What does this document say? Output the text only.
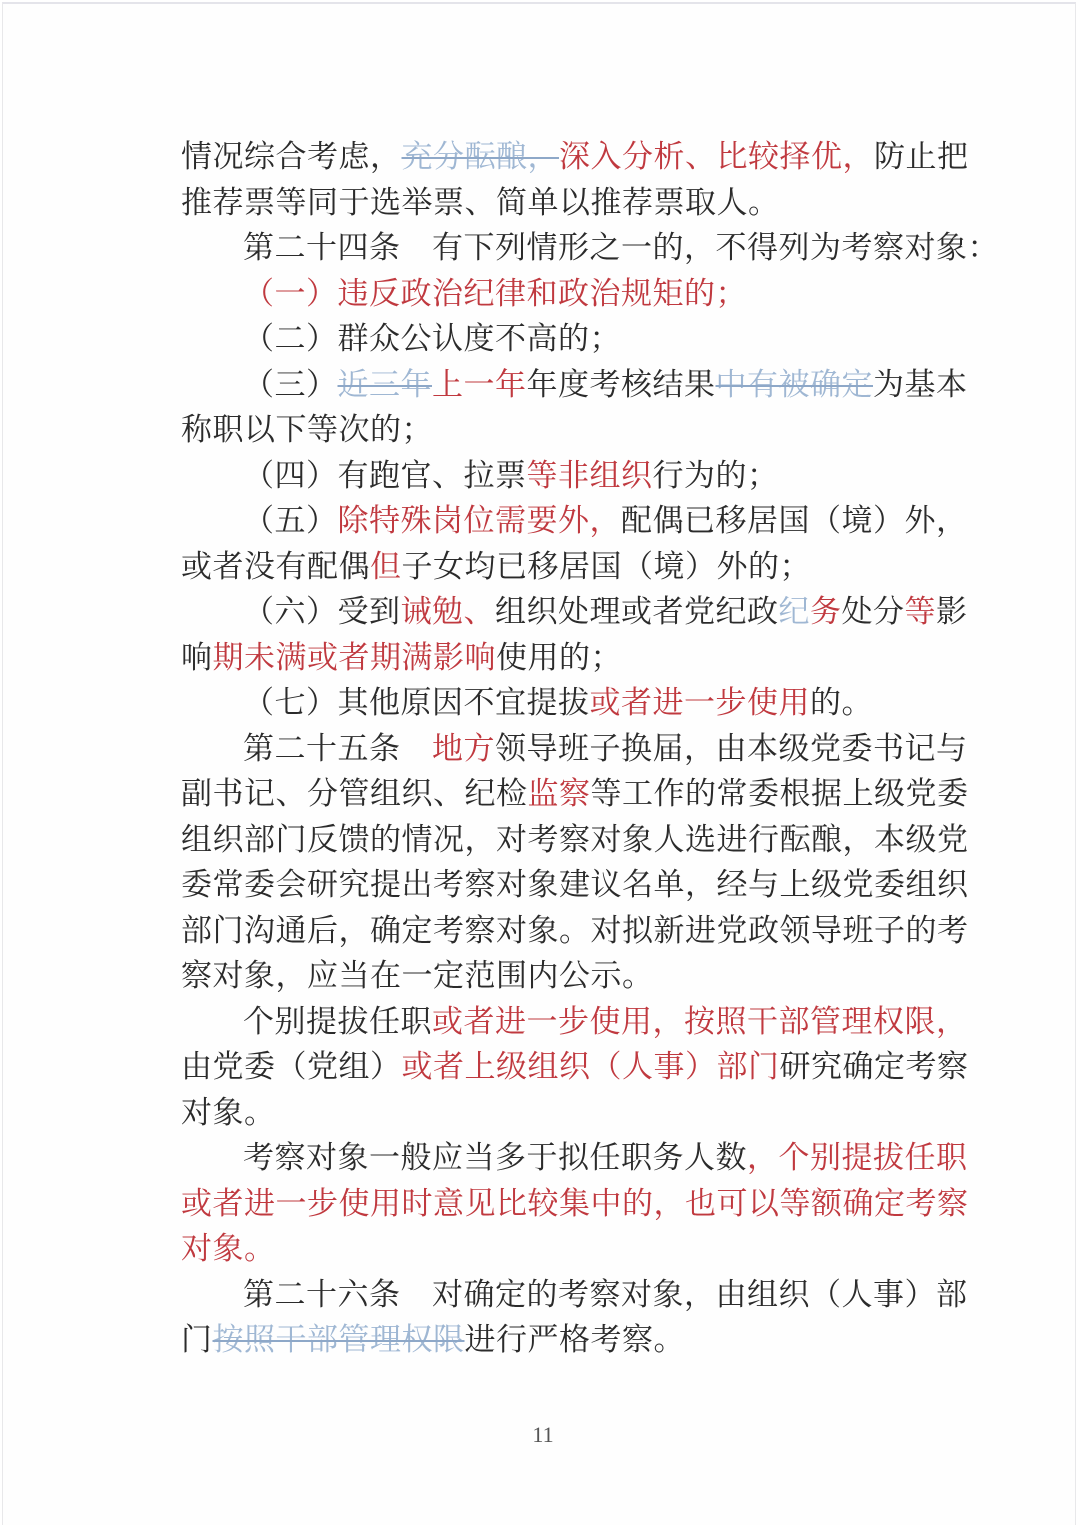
情况综合考虑，充分酝酿，深入分析、比较择优，防止把
推荐票等同于选举票、简单以推荐票取人。
第二十四条　有下列情形之一的，不得列为考察对象：
（一）违反政治纪律和政治规矩的；
（二）群众公认度不高的；
（三）近三年上一年年度考核结果中有被确定为基本
称职以下等次的；
（四）有跑官、拉票等非组织行为的；
（五）除特殊岗位需要外，配偶已移居国（境）外，
或者没有配偶但子女均已移居国（境）外的；
（六）受到诫勉、组织处理或者党纪政纪务处分等影
响期未满或者期满影响使用的；
（七）其他原因不宜提拔或者进一步使用的。
第二十五条　地方领导班子换届，由本级党委书记与
副书记、分管组织、纪检监察等工作的常委根据上级党委
组织部门反馈的情况，对考察对象人选进行酝酿，本级党
委常委会研究提出考察对象建议名单，经与上级党委组织
部门沟通后，确定考察对象。对拟新进党政领导班子的考
察对象，应当在一定范围内公示。
个别提拔任职或者进一步使用，按照干部管理权限，
由党委（党组）或者上级组织（人事）部门研究确定考察
对象。
考察对象一般应当多于拟任职务人数，个别提拔任职
或者进一步使用时意见比较集中的，也可以等额确定考察
对象。
第二十六条　对确定的考察对象，由组织（人事）部
门按照干部管理权限进行严格考察。
11
